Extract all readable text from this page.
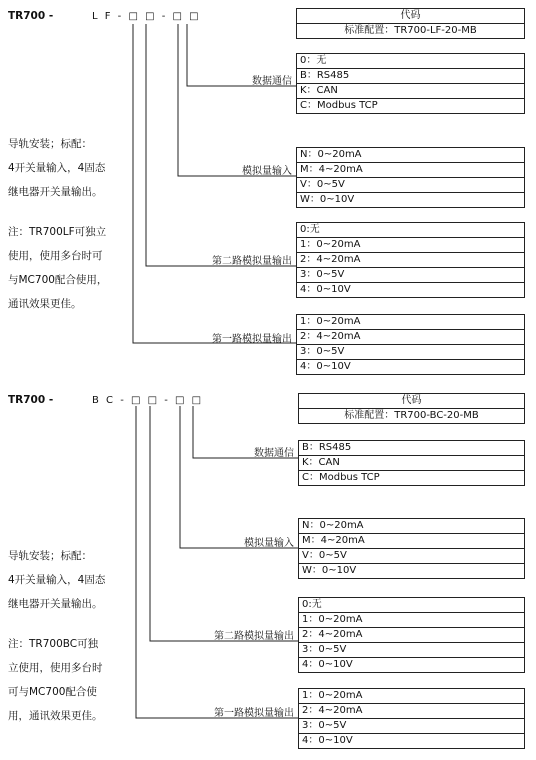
TR700 -	L F - □ □ - □ □	代码
标准配置：TR700-LF-20-MB
数据通信
0：无
B：RS485
K：CAN
C：Modbus TCP
模拟量输入
N：0~20mA
M：4~20mA
V：0~5V
W：0~10V
第二路模拟量输出
0:无
1：0~20mA
2：4~20mA
3：0~5V
4：0~10V
第一路模拟量输出
1：0~20mA
2：4~20mA
3：0~5V
4：0~10V

导轨安装；标配：

4开关量输入，4固态

继电器开关量输出。

注：TR700LF可独立

使用，使用多台时可

与MC700配合使用，

通讯效果更佳。

TR700 -	B C - □ □ - □ □	代码
标准配置：TR700-BC-20-MB
数据通信
B：RS485
K：CAN
C：Modbus TCP
模拟量输入
N：0~20mA
M：4~20mA
V：0~5V
W：0~10V
第二路模拟量输出
0:无
1：0~20mA
2：4~20mA
3：0~5V
4：0~10V
第一路模拟量输出
1：0~20mA
2：4~20mA
3：0~5V
4：0~10V

导轨安装；标配：

4开关量输入，4固态

继电器开关量输出。

注：TR700BC可独

立使用，使用多台时

可与MC700配合使

用，通讯效果更佳。
